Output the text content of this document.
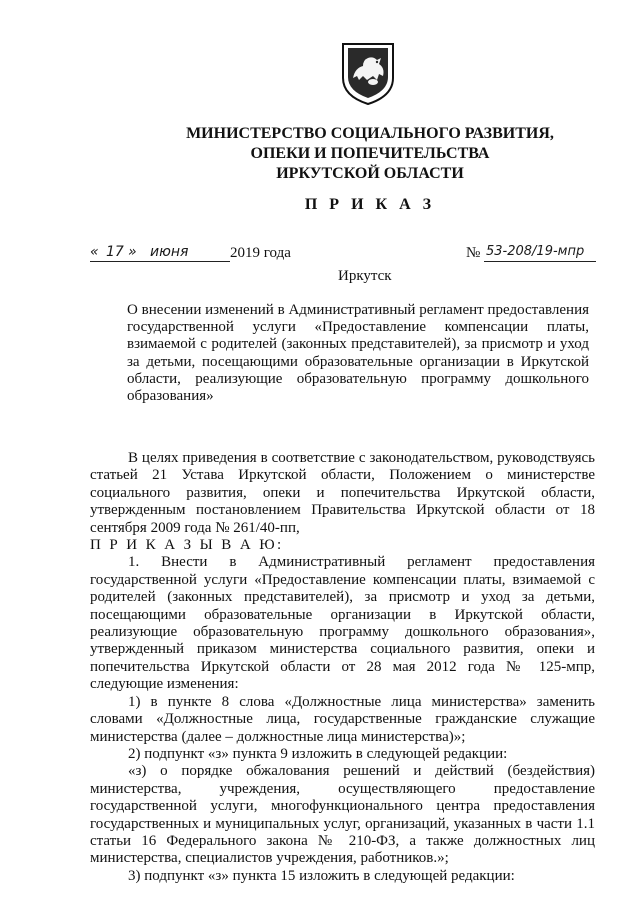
МИНИСТЕРСТВО СОЦИАЛЬНОГО РАЗВИТИЯ,
ОПЕКИ И ПОПЕЧИТЕЛЬСТВА
ИРКУТСКОЙ ОБЛАСТИ
П Р И К А З
« 17 » июня	2019 года	№ 53-208/19-мпр
Иркутск
О внесении изменений в Административный регламент предоставления государственной услуги «Предоставление компенсации платы, взимаемой с родителей (законных представителей), за присмотр и уход за детьми, посещающими образовательные организации в Иркутской области, реализующие образовательную программу дошкольного образования»

В целях приведения в соответствие с законодательством, руководствуясь статьей 21 Устава Иркутской области, Положением о министерстве социального развития, опеки и попечительства Иркутской области, утвержденным постановлением Правительства Иркутской области от 18 сентября 2009 года № 261/40-пп,

П Р И К А З Ы В А Ю:

1. Внести в Административный регламент предоставления государственной услуги «Предоставление компенсации платы, взимаемой с родителей (законных представителей), за присмотр и уход за детьми, посещающими образовательные организации в Иркутской области, реализующие образовательную программу дошкольного образования», утвержденный приказом министерства социального развития, опеки и попечительства Иркутской области от 28 мая 2012 года № 125-мпр, следующие изменения:

1) в пункте 8 слова «Должностные лица министерства» заменить словами «Должностные лица, государственные гражданские служащие министерства (далее – должностные лица министерства)»;

2) подпункт «з» пункта 9 изложить в следующей редакции:

«з) о порядке обжалования решений и действий (бездействия) министерства, учреждения, осуществляющего предоставление государственной услуги, многофункционального центра предоставления государственных и муниципальных услуг, организаций, указанных в части 1.1 статьи 16 Федерального закона № 210-ФЗ, а также должностных лиц министерства, специалистов учреждения, работников.»;

3) подпункт «з» пункта 15 изложить в следующей редакции:
